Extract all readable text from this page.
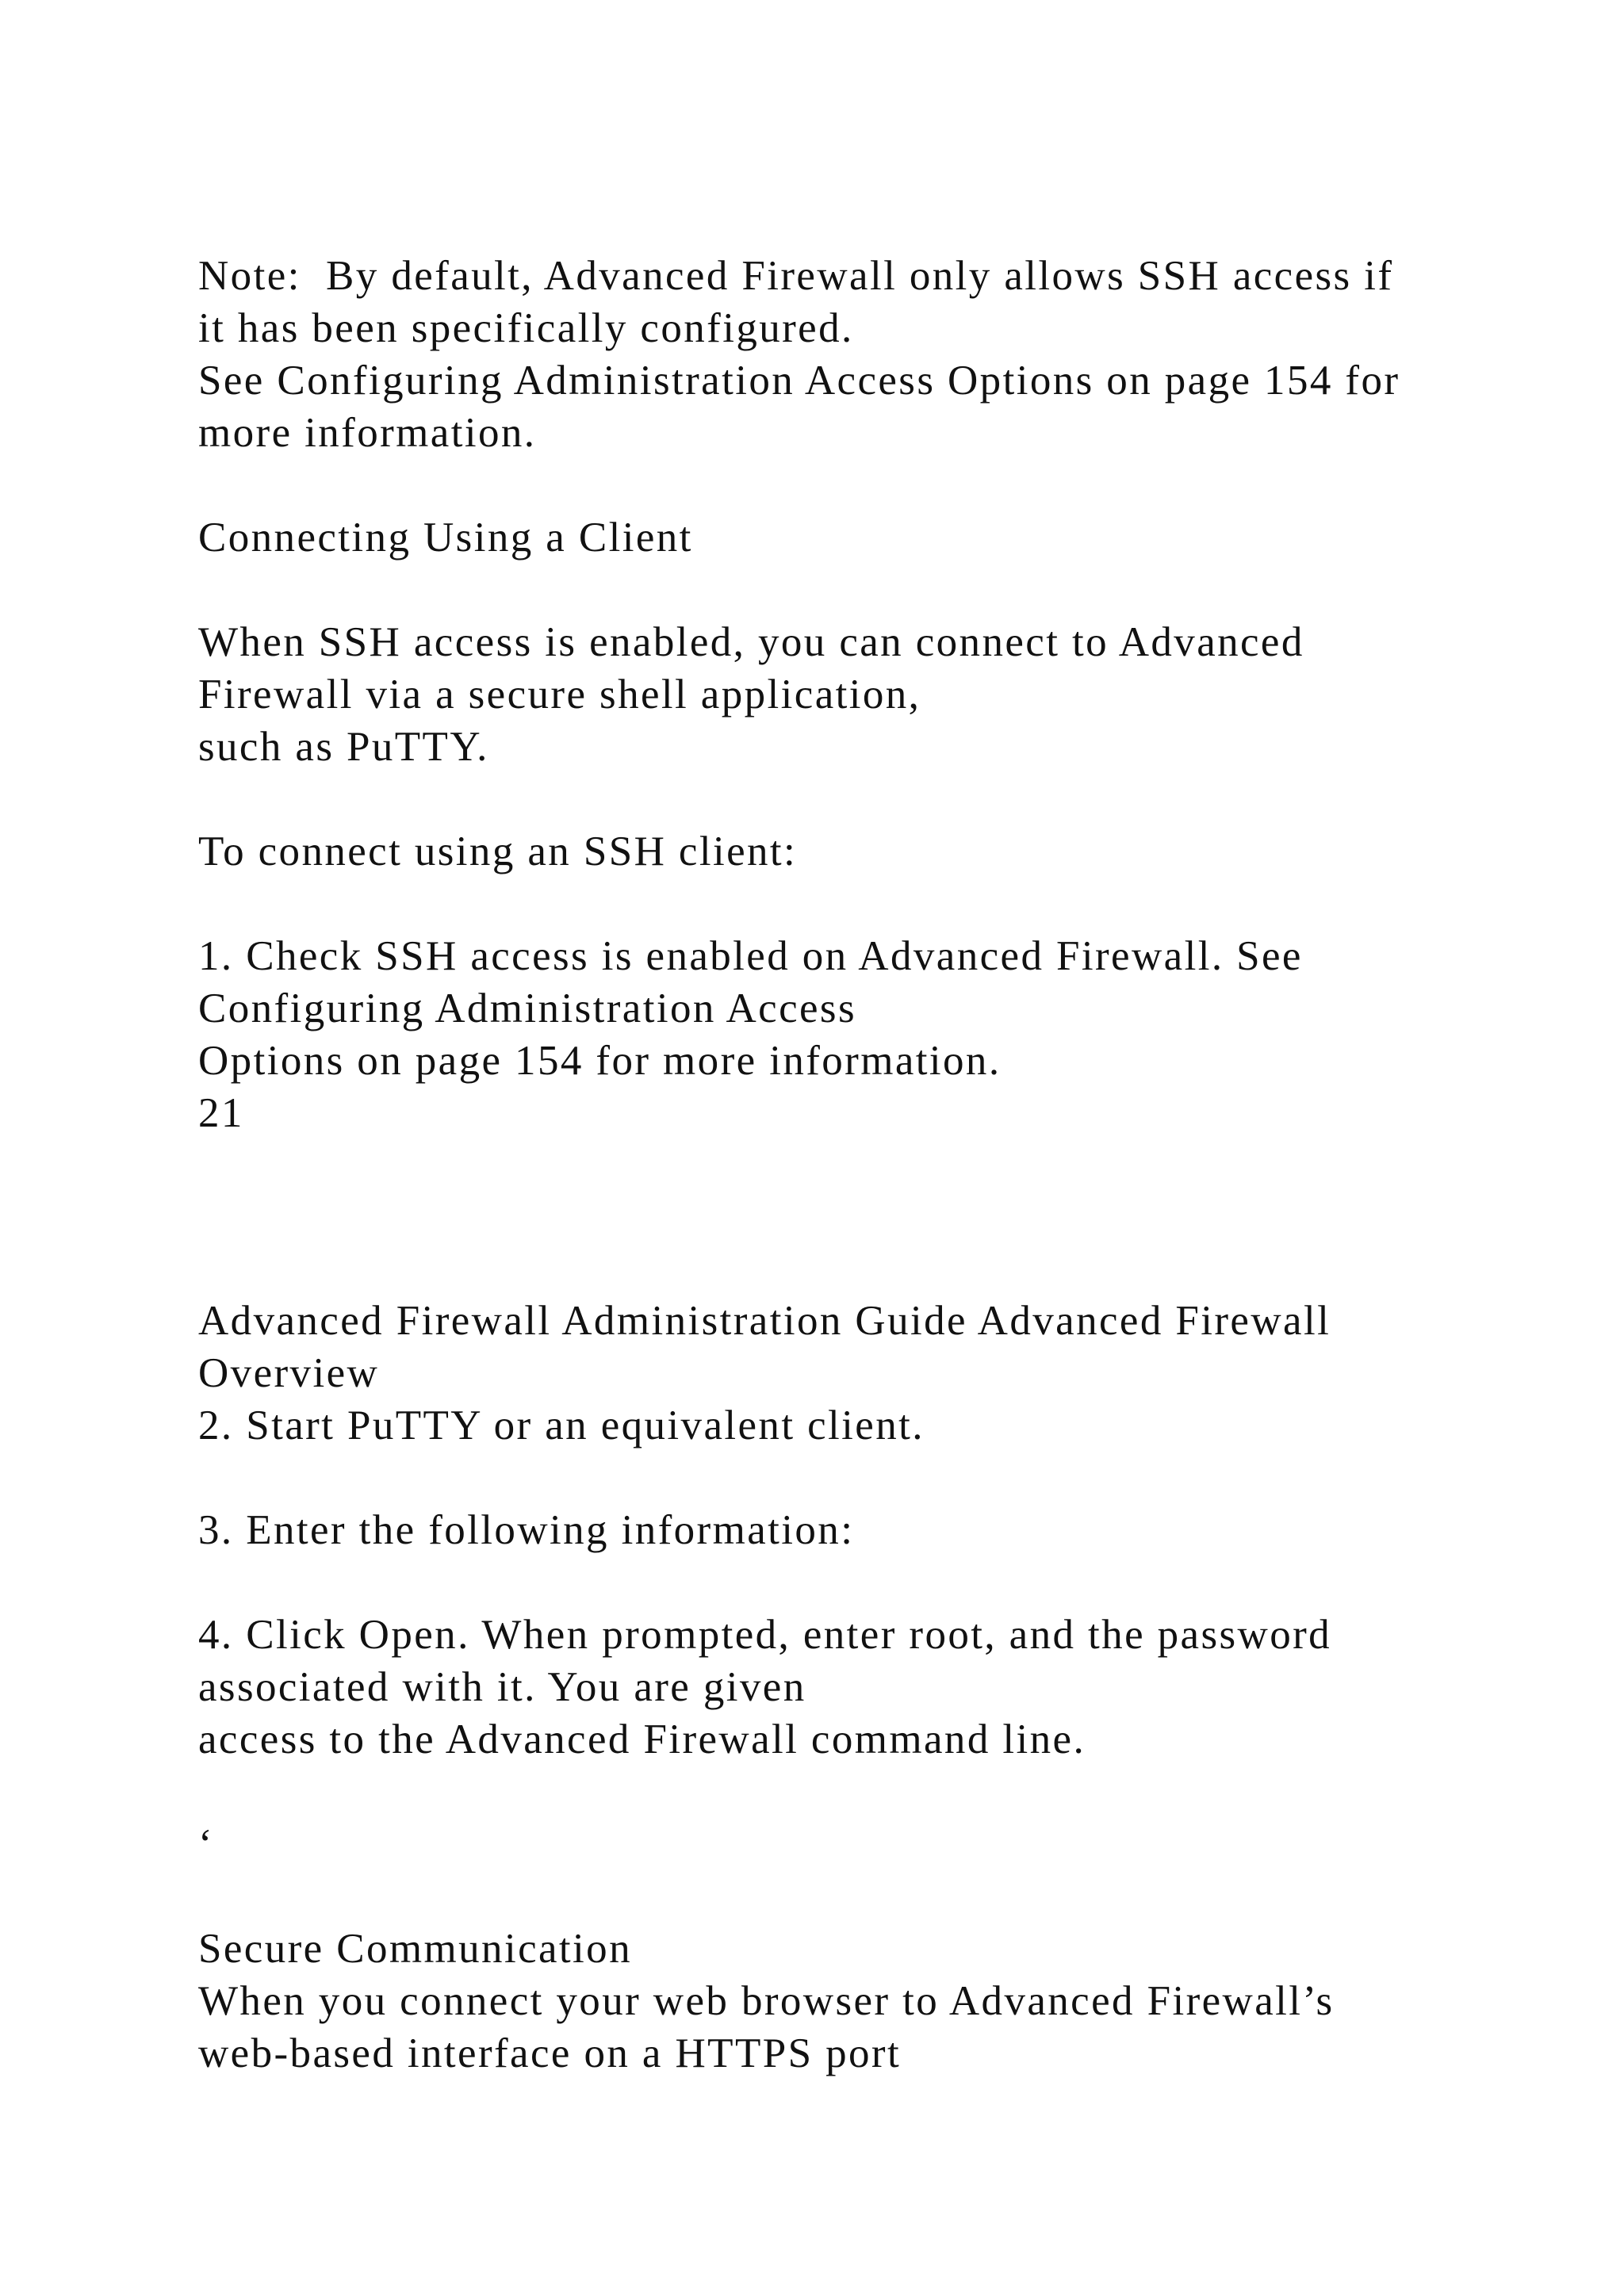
Note:  By default, Advanced Firewall only allows SSH access if

it has been specifically configured.

See Configuring Administration Access Options on page 154 for

more information.

Connecting Using a Client

When SSH access is enabled, you can connect to Advanced

Firewall via a secure shell application,

such as PuTTY.

To connect using an SSH client:

1. Check SSH access is enabled on Advanced Firewall. See

Configuring Administration Access

Options on page 154 for more information.

21

Advanced Firewall Administration Guide Advanced Firewall

Overview

2. Start PuTTY or an equivalent client.

3. Enter the following information:

4. Click Open. When prompted, enter root, and the password

associated with it. You are given

access to the Advanced Firewall command line.

‘

Secure Communication

When you connect your web browser to Advanced Firewall’s

web-based interface on a HTTPS port
